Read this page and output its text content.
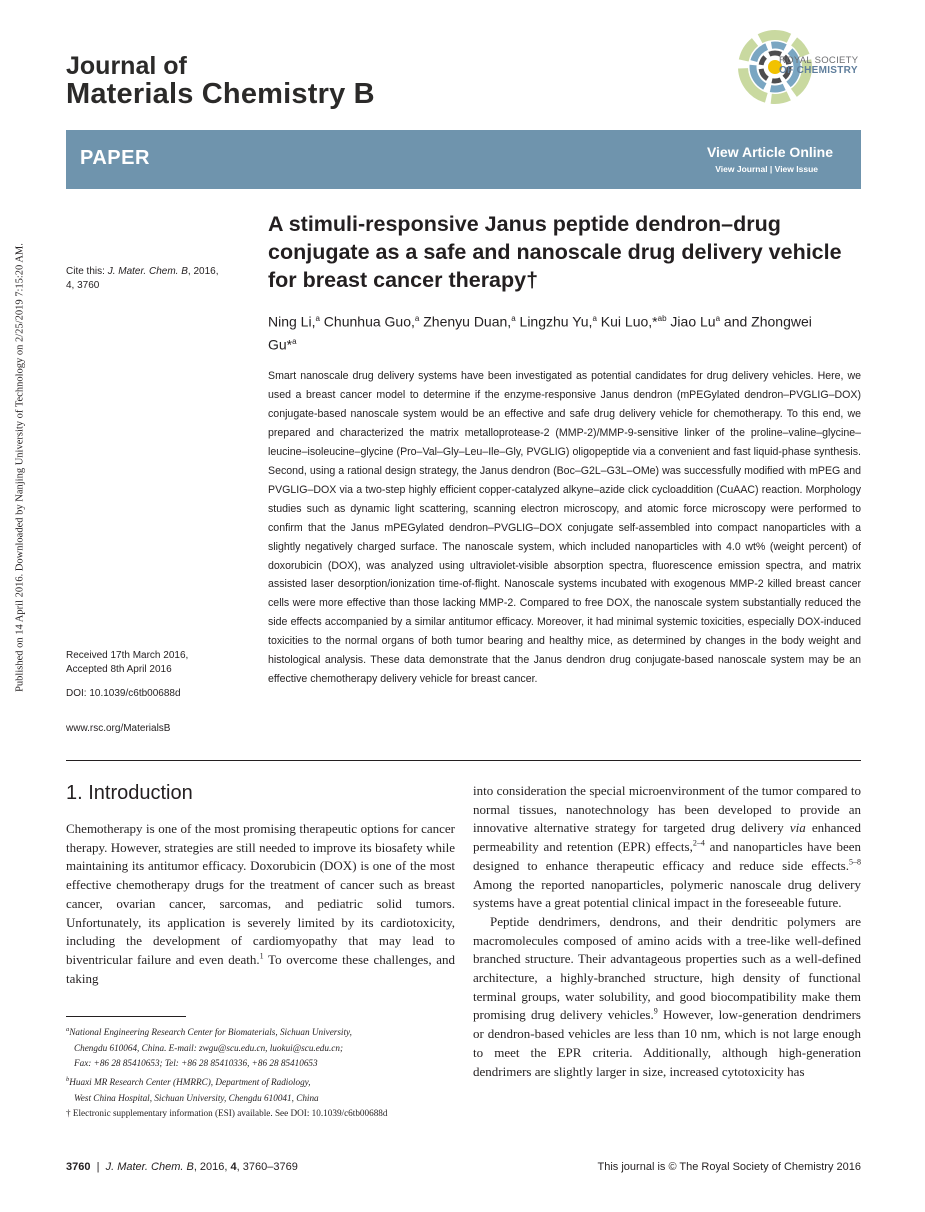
Published on 14 April 2016. Downloaded by Nanjing University of Technology on 2/25/2019 7:15:20 AM.
Journal of
Materials Chemistry B
ROYAL SOCIETY
OF CHEMISTRY
PAPER	View Article Online
View Journal | View Issue
Cite this: J. Mater. Chem. B, 2016,
4, 3760
A stimuli-responsive Janus peptide dendron–drug conjugate as a safe and nanoscale drug delivery vehicle for breast cancer therapy†
Ning Li,$^a$ Chunhua Guo,$^a$ Zhenyu Duan,$^a$ Lingzhu Yu,$^a$ Kui Luo,*$^{ab}$ Jiao Lu$^a$ and Zhongwei Gu*$^a$
Smart nanoscale drug delivery systems have been investigated as potential candidates for drug delivery vehicles. Here, we used a breast cancer model to determine if the enzyme-responsive Janus dendron (mPEGylated dendron–PVGLIG–DOX) conjugate-based nanoscale system would be an effective and safe drug delivery vehicle for chemotherapy. To this end, we prepared and characterized the matrix metalloprotease-2 (MMP-2)/MMP-9-sensitive linker of the proline–valine–glycine–leucine–isoleucine–glycine (Pro–Val–Gly–Leu–Ile–Gly, PVGLIG) oligopeptide via a convenient and fast liquid-phase synthesis. Second, using a rational design strategy, the Janus dendron (Boc–G2L–G3L–OMe) was successfully modified with mPEG and PVGLIG–DOX via a two-step highly efficient copper-catalyzed alkyne–azide click cycloaddition (CuAAC) reaction. Morphology studies such as dynamic light scattering, scanning electron microscopy, and atomic force microscopy were performed to confirm that the Janus mPEGylated dendron–PVGLIG–DOX conjugate self-assembled into compact nanoparticles with a slightly negatively charged surface. The nanoscale system, which included nanoparticles with 4.0 wt% (weight percent) of doxorubicin (DOX), was analyzed using ultraviolet-visible absorption spectra, fluorescence emission spectra, and matrix assisted laser desorption/ionization time-of-flight. Nanoscale systems incubated with exogenous MMP-2 killed breast cancer cells were more effective than those lacking MMP-2. Compared to free DOX, the nanoscale system substantially reduced the side effects accompanied by a similar antitumor efficacy. Moreover, it had minimal systemic toxicities, especially DOX-induced toxicities to the normal organs of both tumor bearing and healthy mice, as determined by changes in the body weight and histological analysis. These data demonstrate that the Janus dendron drug conjugate-based nanoscale system may be an effective chemotherapy delivery vehicle for breast cancer.
Received 17th March 2016,
Accepted 8th April 2016
DOI: 10.1039/c6tb00688d
www.rsc.org/MaterialsB
1. Introduction

Chemotherapy is one of the most promising therapeutic options for cancer therapy. However, strategies are still needed to improve its biosafety while maintaining its antitumor efficacy. Doxorubicin (DOX) is one of the most effective chemotherapy drugs for the treatment of cancer such as breast cancer, ovarian cancer, sarcomas, and pediatric solid tumors. Unfortunately, its application is severely limited by its cardiotoxicity, including the development of cardiomyopathy that may lead to biventricular failure and even death.$^1$ To overcome these challenges, and taking

into consideration the special microenvironment of the tumor compared to normal tissues, nanotechnology has been developed to provide an innovative alternative strategy for targeted drug delivery via enhanced permeability and retention (EPR) effects,$^{2-4}$ and nanoparticles have been designed to enhance therapeutic efficacy and reduce side effects.$^{5-8}$ Among the reported nanoparticles, polymeric nanoscale drug delivery systems have a great potential clinical impact in the foreseeable future.

Peptide dendrimers, dendrons, and their dendritic polymers are macromolecules composed of amino acids with a tree-like well-defined branched structure. Their advantageous properties such as a well-defined architecture, a highly-branched structure, high density of functional terminal groups, water solubility, and good biocompatibility make them promising drug delivery vehicles.$^9$ However, low-generation dendrimers or dendron-based vehicles are less than 10 nm, which is not large enough to meet the EPR criteria. Additionally, although high-generation dendrimers are slightly larger in size, increased cytotoxicity has

$^a$National Engineering Research Center for Biomaterials, Sichuan University,
Chengdu 610064, China. E-mail: zwgu@scu.edu.cn, luokui@scu.edu.cn;
Fax: +86 28 85410653; Tel: +86 28 85410336, +86 28 85410653
$^b$Huaxi MR Research Center (HMRRC), Department of Radiology,
West China Hospital, Sichuan University, Chengdu 610041, China
† Electronic supplementary information (ESI) available. See DOI: 10.1039/c6tb00688d
3760  |  J. Mater. Chem. B, 2016, 4, 3760–3769	This journal is © The Royal Society of Chemistry 2016
